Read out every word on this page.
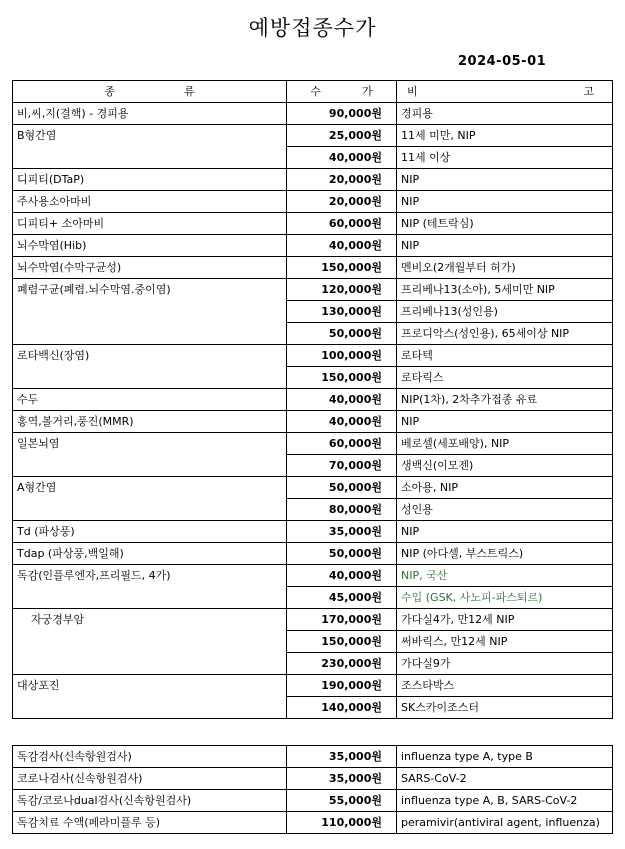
예방접종수가
2024-05-01
종 류	수 가	비 고

비,씨,지(결핵) - 경피용	90,000원	경피용
B형간염	25,000원	11세 미만, NIP
	40,000원	11세 이상
디피티(DTaP)	20,000원	NIP
주사용소아마비	20,000원	NIP
디피티+ 소아마비	60,000원	NIP (테트락심)
뇌수막염(Hib)	40,000원	NIP
뇌수막염(수막구균성)	150,000원	멘비오(2개월부터 허가)
폐렴구균(폐렴.뇌수막염.중이염)	120,000원	프리베나13(소아), 5세미만 NIP
	130,000원	프리베나13(성인용)
	50,000원	프로디악스(성인용), 65세이상 NIP
로타백신(장염)	100,000원	로타텍
	150,000원	로타릭스
수두	40,000원	NIP(1차), 2차추가접종 유료
홍역,볼거리,풍진(MMR)	40,000원	NIP
일본뇌염	60,000원	베로셀(세포배양), NIP
	70,000원	생백신(이모젠)
A형간염	50,000원	소아용, NIP
	80,000원	성인용
Td (파상풍)	35,000원	NIP
Tdap (파상풍,백일해)	50,000원	NIP (아다셀, 부스트릭스)
독감(인플루엔자,프리필드, 4가)	40,000원	NIP, 국산
	45,000원	수입 (GSK, 사노피-파스퇴르)
자궁경부암	170,000원	가다실4가, 만12세 NIP
	150,000원	써바릭스, 만12세 NIP
	230,000원	가다실9가
대상포진	190,000원	조스타박스
	140,000원	SK스카이조스터
독감검사(신속항원검사)	35,000원	influenza type A, type B
코로나검사(신속항원검사)	35,000원	SARS-CoV-2
독감/코로나dual검사(신속항원검사)	55,000원	influenza type A, B, SARS-CoV-2
독감치료 수액(페라미플루 등)	110,000원	peramivir(antiviral agent, influenza)
